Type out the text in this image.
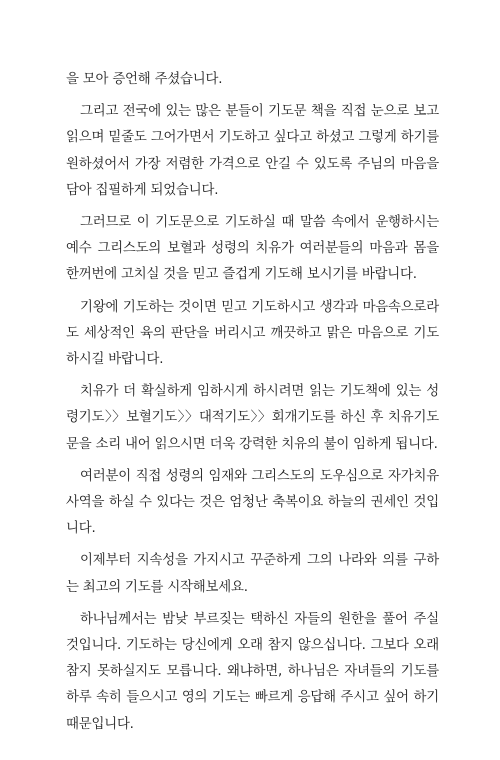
을 모아 증언해 주셨습니다.

그리고 전국에 있는 많은 분들이 기도문 책을 직접 눈으로 보고 읽으며 밑줄도 그어가면서 기도하고 싶다고 하셨고 그렇게 하기를 원하셨어서 가장 저렴한 가격으로 안길 수 있도록 주님의 마음을 담아 집필하게 되었습니다.

그러므로 이 기도문으로 기도하실 때 말씀 속에서 운행하시는 예수 그리스도의 보혈과 성령의 치유가 여러분들의 마음과 몸을 한꺼번에 고치실 것을 믿고 즐겁게 기도해 보시기를 바랍니다.

기왕에 기도하는 것이면 믿고 기도하시고 생각과 마음속으로라도 세상적인 육의 판단을 버리시고 깨끗하고 맑은 마음으로 기도하시길 바랍니다.

치유가 더 확실하게 임하시게 하시려면 읽는 기도책에 있는 성령기도〉〉보혈기도〉〉대적기도〉〉회개기도를 하신 후 치유기도문을 소리 내어 읽으시면 더욱 강력한 치유의 불이 임하게 됩니다.

여러분이 직접 성령의 임재와 그리스도의 도우심으로 자가치유사역을 하실 수 있다는 것은 엄청난 축복이요 하늘의 권세인 것입니다.

이제부터 지속성을 가지시고 꾸준하게 그의 나라와 의를 구하는 최고의 기도를 시작해보세요.

하나님께서는 밤낮 부르짖는 택하신 자들의 원한을 풀어 주실 것입니다. 기도하는 당신에게 오래 참지 않으십니다. 그보다 오래 참지 못하실지도 모릅니다. 왜냐하면, 하나님은 자녀들의 기도를 하루 속히 들으시고 영의 기도는 빠르게 응답해 주시고 싶어 하기 때문입니다.
